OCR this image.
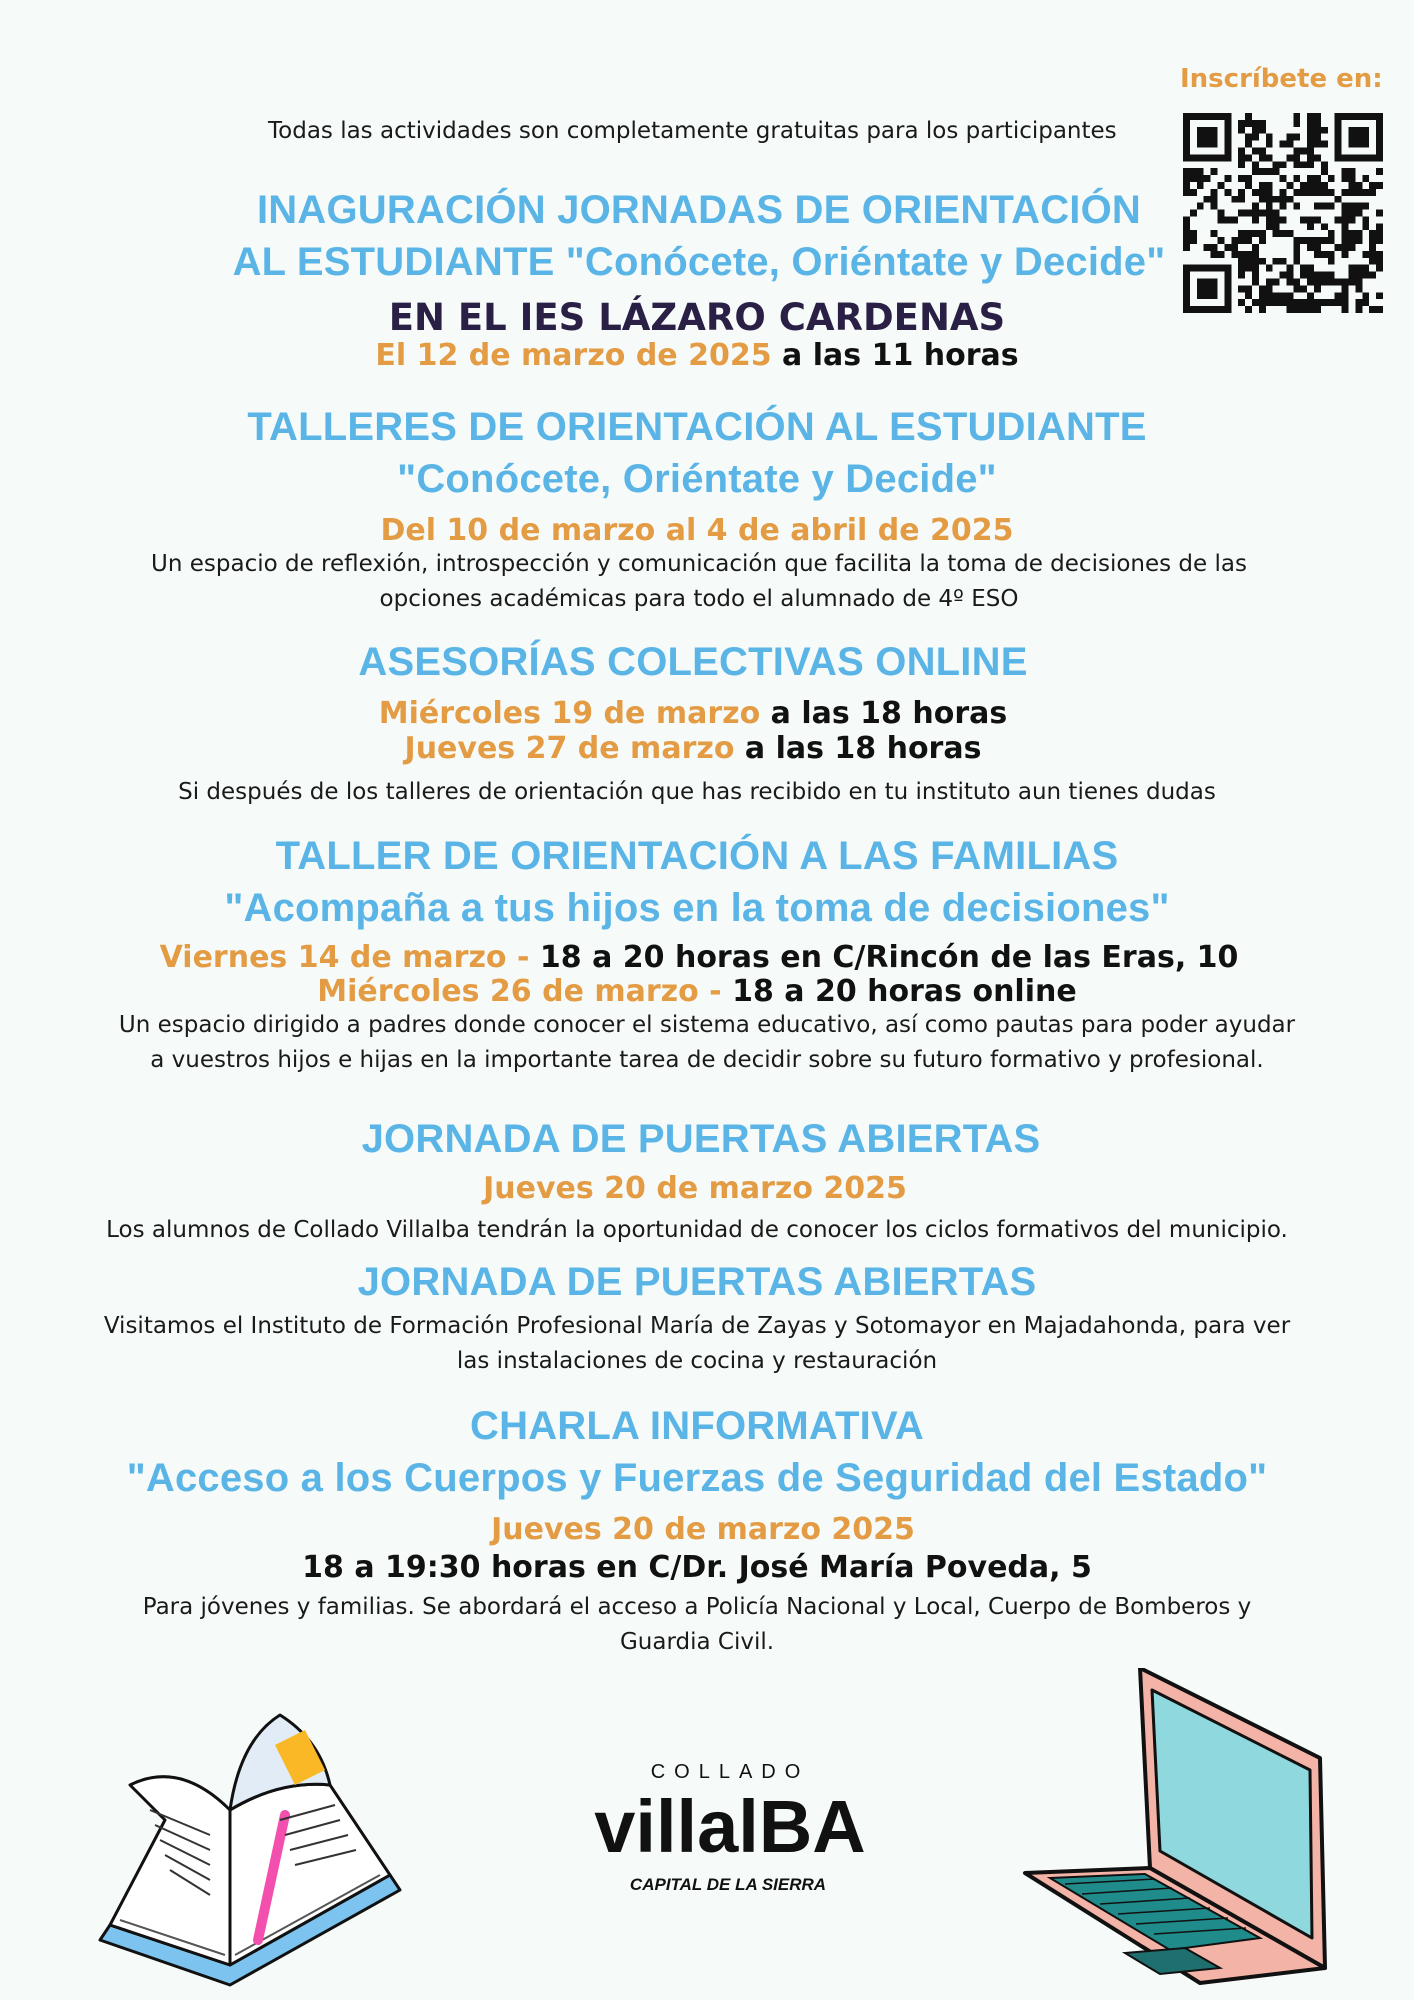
Inscríbete en:
Todas las actividades son completamente gratuitas para los participantes
INAGURACIÓN JORNADAS DE ORIENTACIÓN
AL ESTUDIANTE "Conócete, Oriéntate y Decide"
EN EL IES LÁZARO CARDENAS
El 12 de marzo de 2025 a las 11 horas
TALLERES DE ORIENTACIÓN AL ESTUDIANTE
"Conócete, Oriéntate y Decide"
Del 10 de marzo al 4 de abril de 2025
Un espacio de reflexión, introspección y comunicación que facilita la toma de decisiones de las
opciones académicas para todo el alumnado de 4º ESO
ASESORÍAS COLECTIVAS ONLINE
Miércoles 19 de marzo a las 18 horas
Jueves 27 de marzo a las 18 horas
Si después de los talleres de orientación que has recibido en tu instituto aun tienes dudas
TALLER DE ORIENTACIÓN A LAS FAMILIAS
"Acompaña a tus hijos en la toma de decisiones"
Viernes 14 de marzo - 18 a 20 horas en C/Rincón de las Eras, 10
Miércoles 26 de marzo - 18 a 20 horas online
Un espacio dirigido a padres donde conocer el sistema educativo, así como pautas para poder ayudar
a vuestros hijos e hijas en la importante tarea de decidir sobre su futuro formativo y profesional.
JORNADA DE PUERTAS ABIERTAS
Jueves 20 de marzo 2025
Los alumnos de Collado Villalba tendrán la oportunidad de conocer los ciclos formativos del municipio.
JORNADA DE PUERTAS ABIERTAS
Visitamos el Instituto de Formación Profesional María de Zayas y Sotomayor en Majadahonda, para ver
las instalaciones de cocina y restauración
CHARLA INFORMATIVA
"Acceso a los Cuerpos y Fuerzas de Seguridad del Estado"
Jueves 20 de marzo 2025
18 a 19:30 horas en C/Dr. José María Poveda, 5
Para jóvenes y familias. Se abordará el acceso a Policía Nacional y Local, Cuerpo de Bomberos y
Guardia Civil.
COLLADO
villalBA
CAPITAL DE LA SIERRA
